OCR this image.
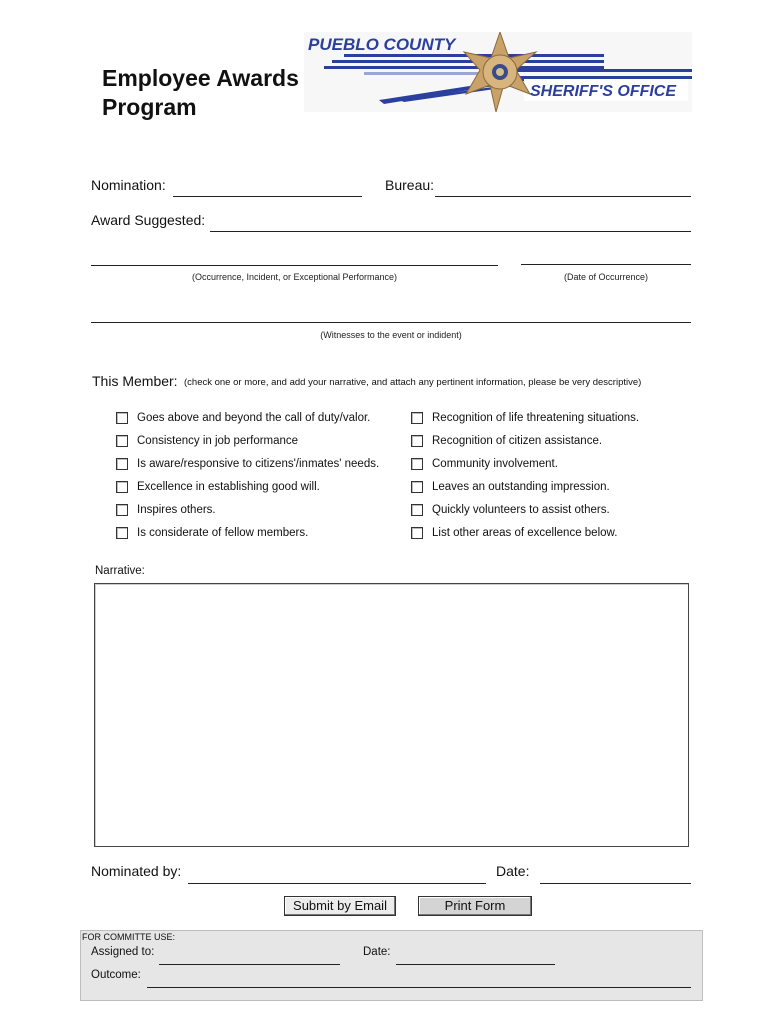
Employee Awards
Program
PUEBLO COUNTY
SHERIFF'S OFFICE
Nomination:	Bureau:
Award Suggested:
(Occurrence, Incident, or Exceptional Performance)	(Date of Occurrence)
(Witnesses to the event or indident)
This Member: (check one or more, and add your narrative, and attach any pertinent information, please be very descriptive)
Goes above and beyond the call of duty/valor.
Consistency in job performance
Is aware/responsive to citizens'/inmates' needs.
Excellence in establishing good will.
Inspires others.
Is considerate of fellow members.
Recognition of life threatening situations.
Recognition of citizen assistance.
Community involvement.
Leaves an outstanding impression.
Quickly volunteers to assist others.
List other areas of excellence below.
Narrative:
Nominated by:	Date:
Submit by Email	Print Form
FOR COMMITTE USE:
Assigned to:	Date:
Outcome:
